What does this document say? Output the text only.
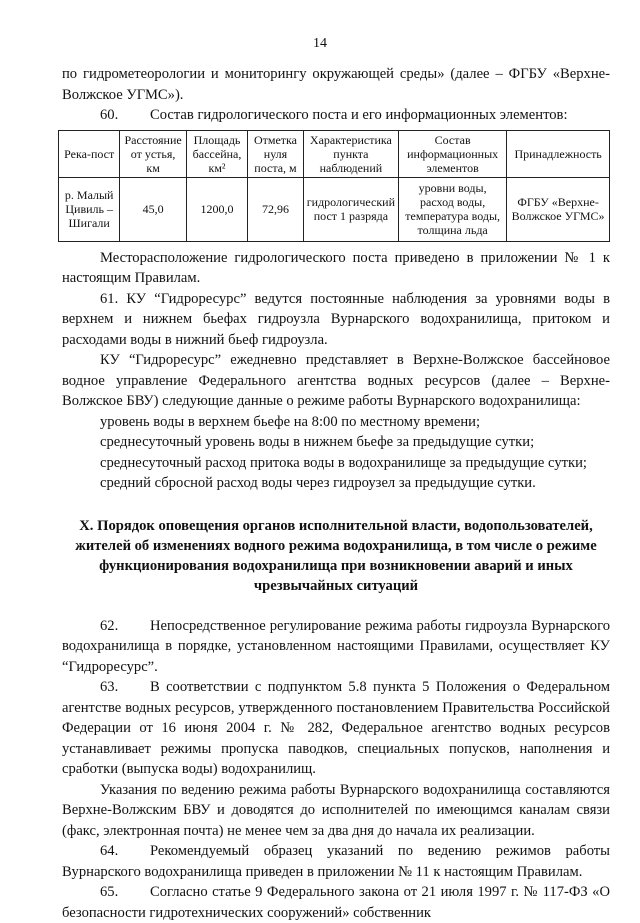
14

по гидрометеорологии и мониторингу окружающей среды» (далее – ФГБУ «Верхне-Волжское УГМС»).

60. Состав гидрологического поста и его информационных элементов:

Река-пост	Расстояние от устья, км	Площадь бассейна, км²	Отметка нуля поста, м	Характеристика пункта наблюдений	Состав информационных элементов	Принадлежность
р. Малый Цивиль – Шигали	45,0	1200,0	72,96	гидрологический пост 1 разряда	уровни воды, расход воды, температура воды, толщина льда	ФГБУ «Верхне-Волжское УГМС»

Месторасположение гидрологического поста приведено в приложении № 1 к настоящим Правилам.

61. КУ “Гидроресурс” ведутся постоянные наблюдения за уровнями воды в верхнем и нижнем бьефах гидроузла Вурнарского водохранилища, притоком и расходами воды в нижний бьеф гидроузла.

КУ “Гидроресурс” ежедневно представляет в Верхне-Волжское бассейновое водное управление Федерального агентства водных ресурсов (далее – Верхне-Волжское БВУ) следующие данные о режиме работы Вурнарского водохранилища:

уровень воды в верхнем бьефе на 8:00 по местному времени;

среднесуточный уровень воды в нижнем бьефе за предыдущие сутки;

среднесуточный расход притока воды в водохранилище за предыдущие сутки;

средний сбросной расход воды через гидроузел за предыдущие сутки.

X. Порядок оповещения органов исполнительной власти, водопользователей, жителей об изменениях водного режима водохранилища, в том числе о режиме функционирования водохранилища при возникновении аварий и иных чрезвычайных ситуаций

62. Непосредственное регулирование режима работы гидроузла Вурнарского водохранилища в порядке, установленном настоящими Правилами, осуществляет КУ “Гидроресурс”.

63. В соответствии с подпунктом 5.8 пункта 5 Положения о Федеральном агентстве водных ресурсов, утвержденного постановлением Правительства Российской Федерации от 16 июня 2004 г. № 282, Федеральное агентство водных ресурсов устанавливает режимы пропуска паводков, специальных попусков, наполнения и сработки (выпуска воды) водохранилищ.

Указания по ведению режима работы Вурнарского водохранилища составляются Верхне-Волжским БВУ и доводятся до исполнителей по имеющимся каналам связи (факс, электронная почта) не менее чем за два дня до начала их реализации.

64. Рекомендуемый образец указаний по ведению режимов работы Вурнарского водохранилища приведен в приложении № 11 к настоящим Правилам.

65. Согласно статье 9 Федерального закона от 21 июля 1997 г. № 117-ФЗ «О безопасности гидротехнических сооружений» собственник
